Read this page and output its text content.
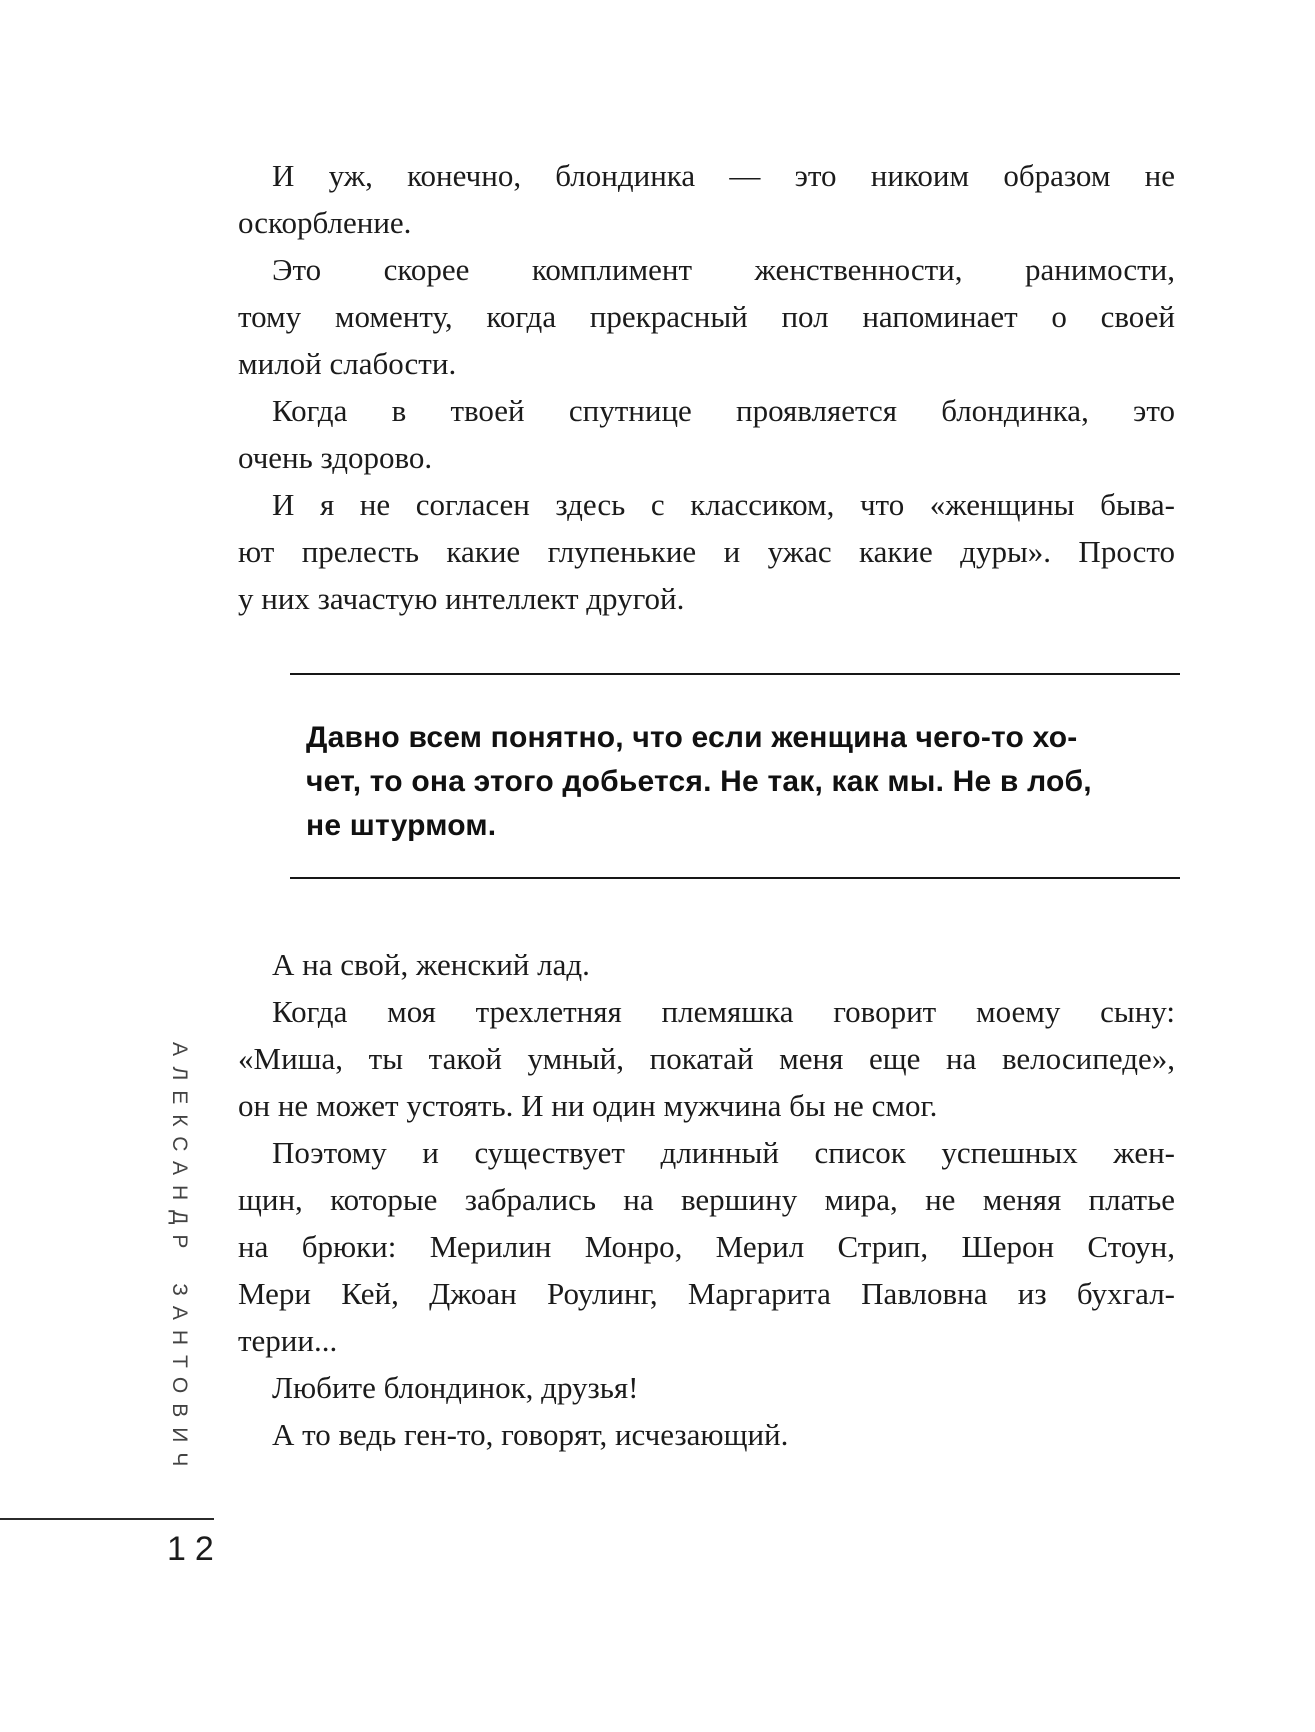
И уж, конечно, блондинка — это никоим образом не
оскорбление.
Это скорее комплимент женственности, ранимости,
тому моменту, когда прекрасный пол напоминает о своей
милой слабости.
Когда в твоей спутнице проявляется блондинка, это
очень здорово.
И я не согласен здесь с классиком, что «женщины быва-
ют прелесть какие глупенькие и ужас какие дуры». Просто
у них зачастую интеллект другой.
Давно всем понятно, что если женщина чего-то хо-
чет, то она этого добьется. Не так, как мы. Не в лоб,
не штурмом.
А на свой, женский лад.
Когда моя трехлетняя племяшка говорит моему сыну:
«Миша, ты такой умный, покатай меня еще на велосипеде»,
он не может устоять. И ни один мужчина бы не смог.
Поэтому и существует длинный список успешных жен-
щин, которые забрались на вершину мира, не меняя платье
на брюки: Мерилин Монро, Мерил Стрип, Шерон Стоун,
Мери Кей, Джоан Роулинг, Маргарита Павловна из бухгал-
терии...
Любите блондинок, друзья!
А то ведь ген-то, говорят, исчезающий.
АЛЕКСАНДР ЗАНТОВИЧ
12
